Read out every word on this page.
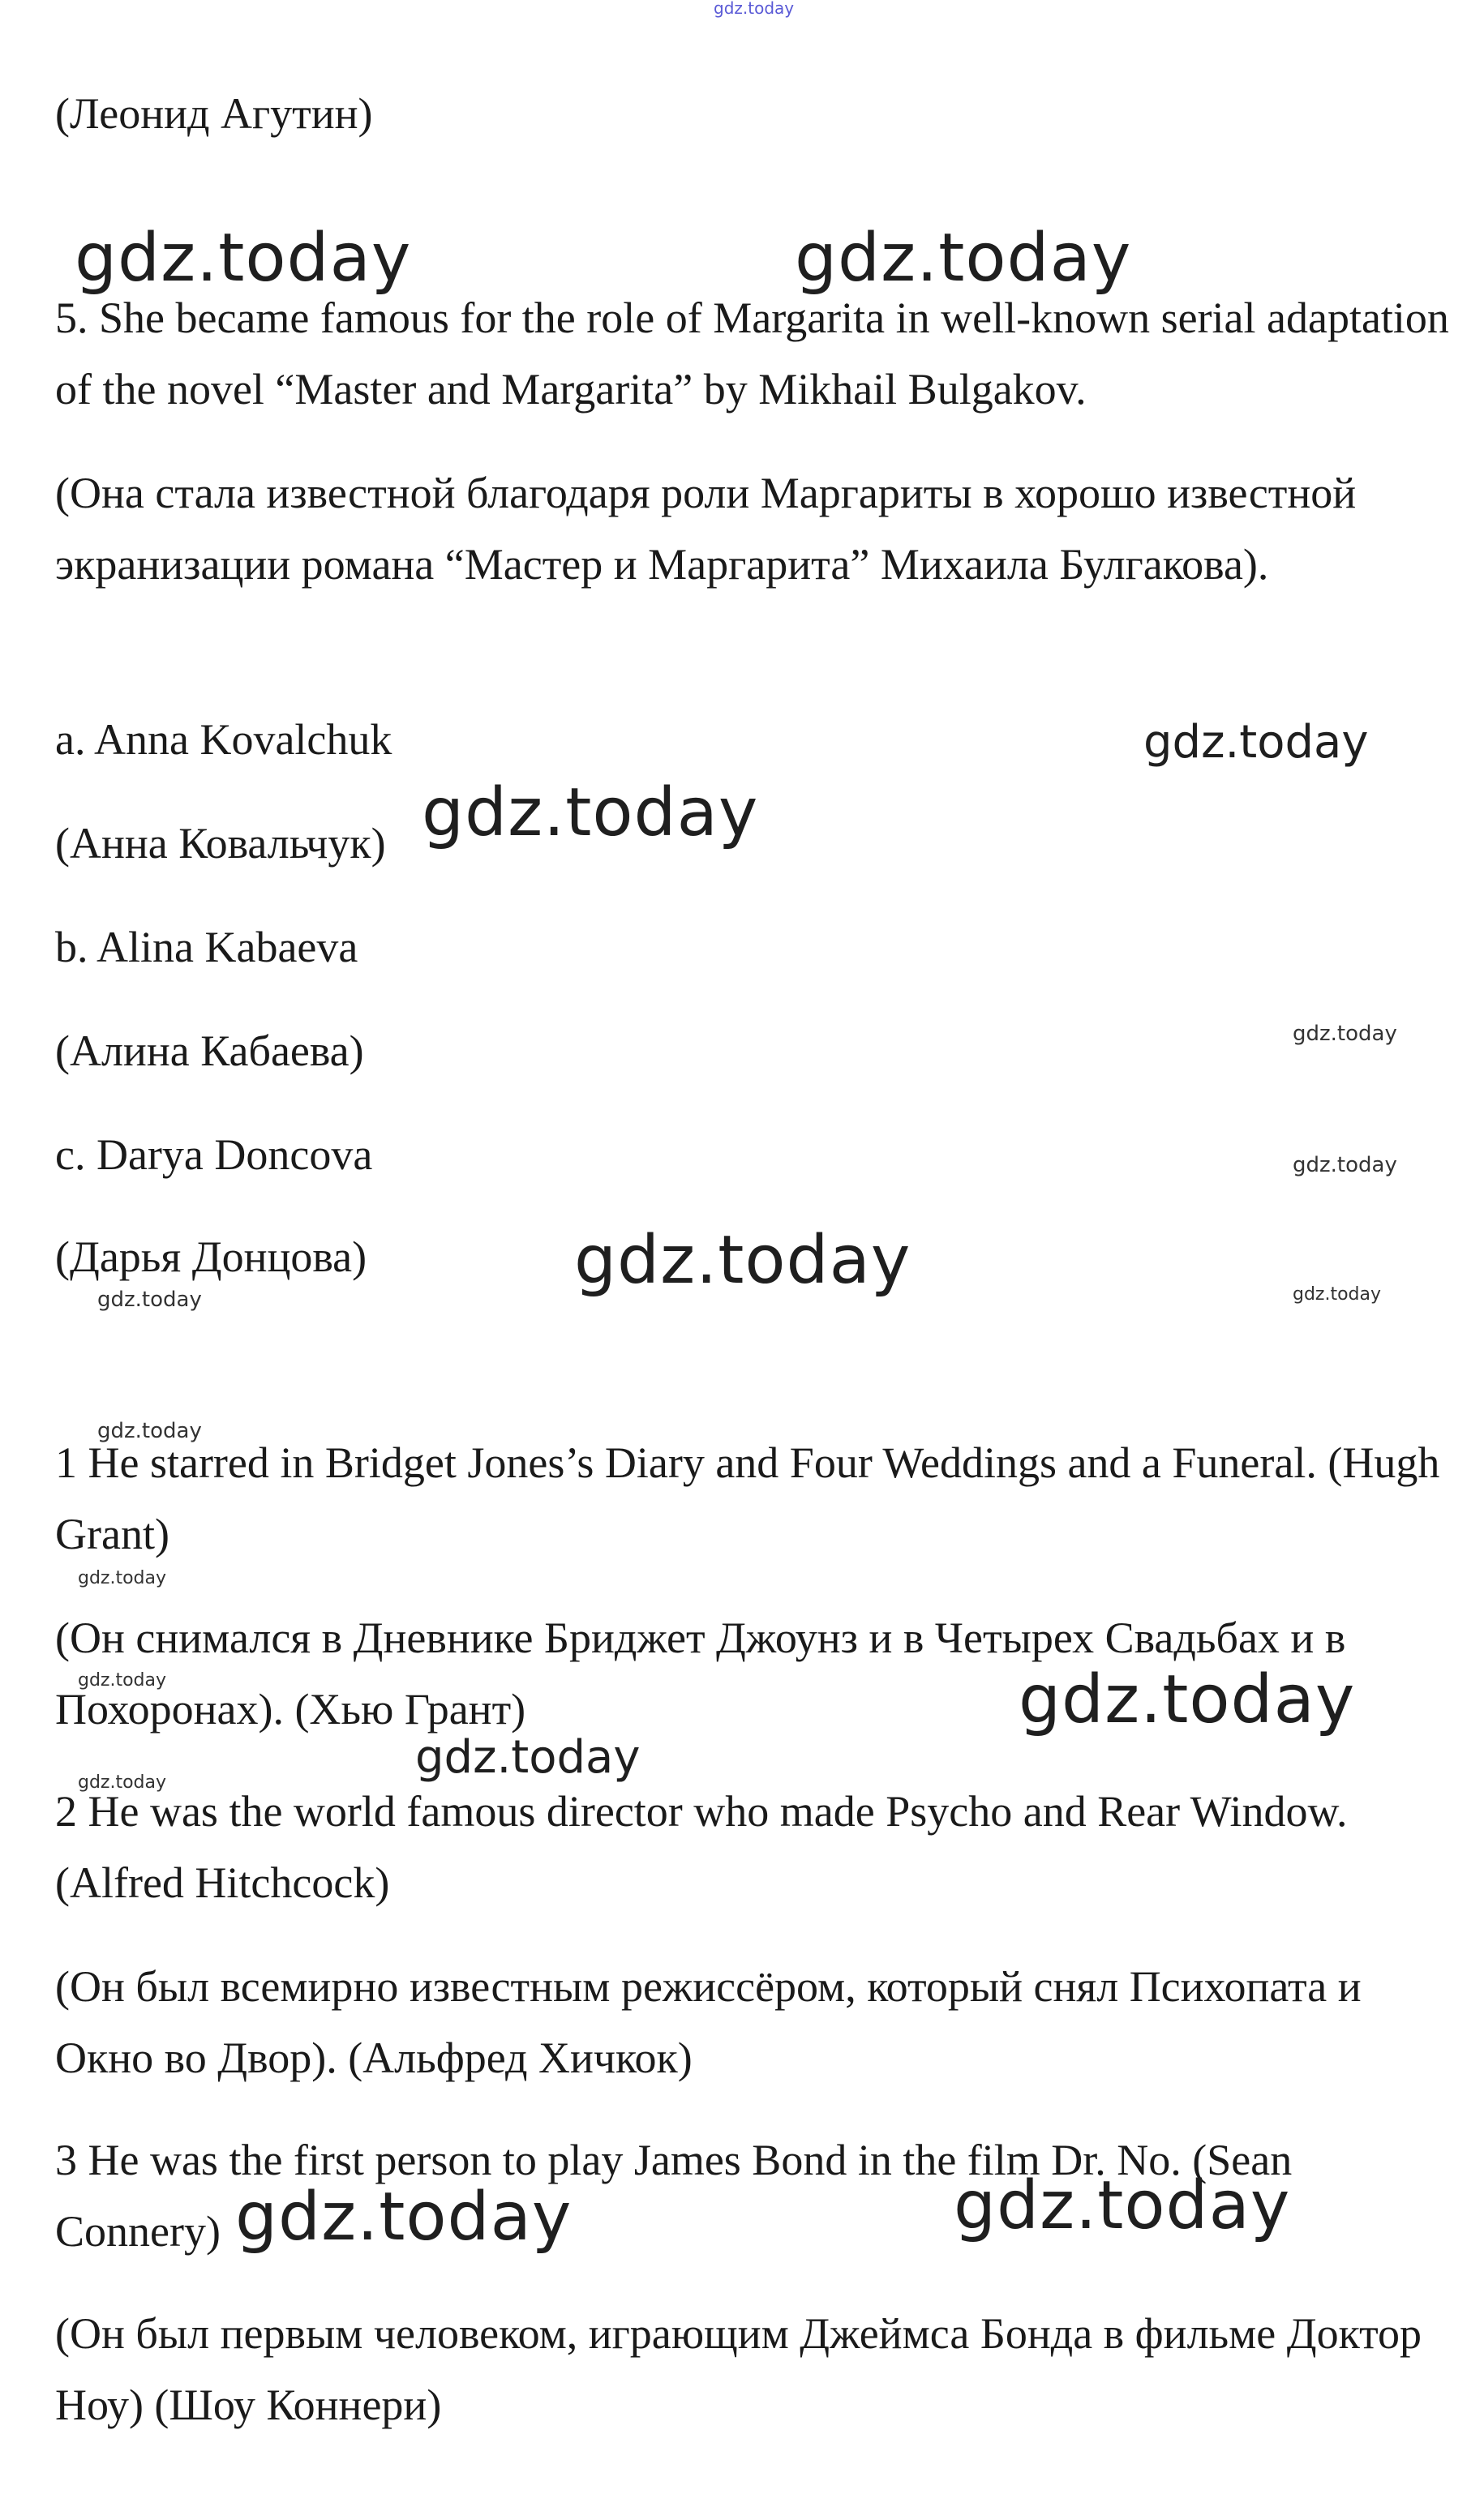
(Леонид Агутин)

5. She became famous for the role of Margarita in well-known serial adaptation of the novel “Master and Margarita” by Mikhail Bulgakov.

(Она стала известной благодаря роли Маргариты в хорошо известной экранизации романа “Мастер и Маргарита” Михаила Булгакова).

a. Anna Kovalchuk

(Анна Ковальчук)

b. Alina Kabaeva

(Алина Кабаева)

c. Darya Doncova

(Дарья Донцова)

1 He starred in Bridget Jones’s Diary and Four Weddings and a Funeral. (Hugh Grant)

(Он снимался в Дневнике Бриджет Джоунз и в Четырех Свадьбах и в Похоронах). (Хью Грант)

2 He was the world famous director who made Psycho and Rear Window. (Alfred Hitchcock)

(Он был всемирно известным режиссёром, который снял Психопата и Окно во Двор). (Альфред Хичкок)

3 He was the first person to play James Bond in the film Dr. No. (Sean Connery)

(Он был первым человеком, играющим Джеймса Бонда в фильме Доктор Ноу) (Шоу Коннери)

gdz.today
gdz.today	gdz.today
gdz.today
gdz.today
gdz.today
gdz.today
gdz.today
gdz.today	gdz.today
gdz.today
gdz.today
gdz.today
gdz.today
gdz.today
gdz.today
gdz.today	gdz.today
